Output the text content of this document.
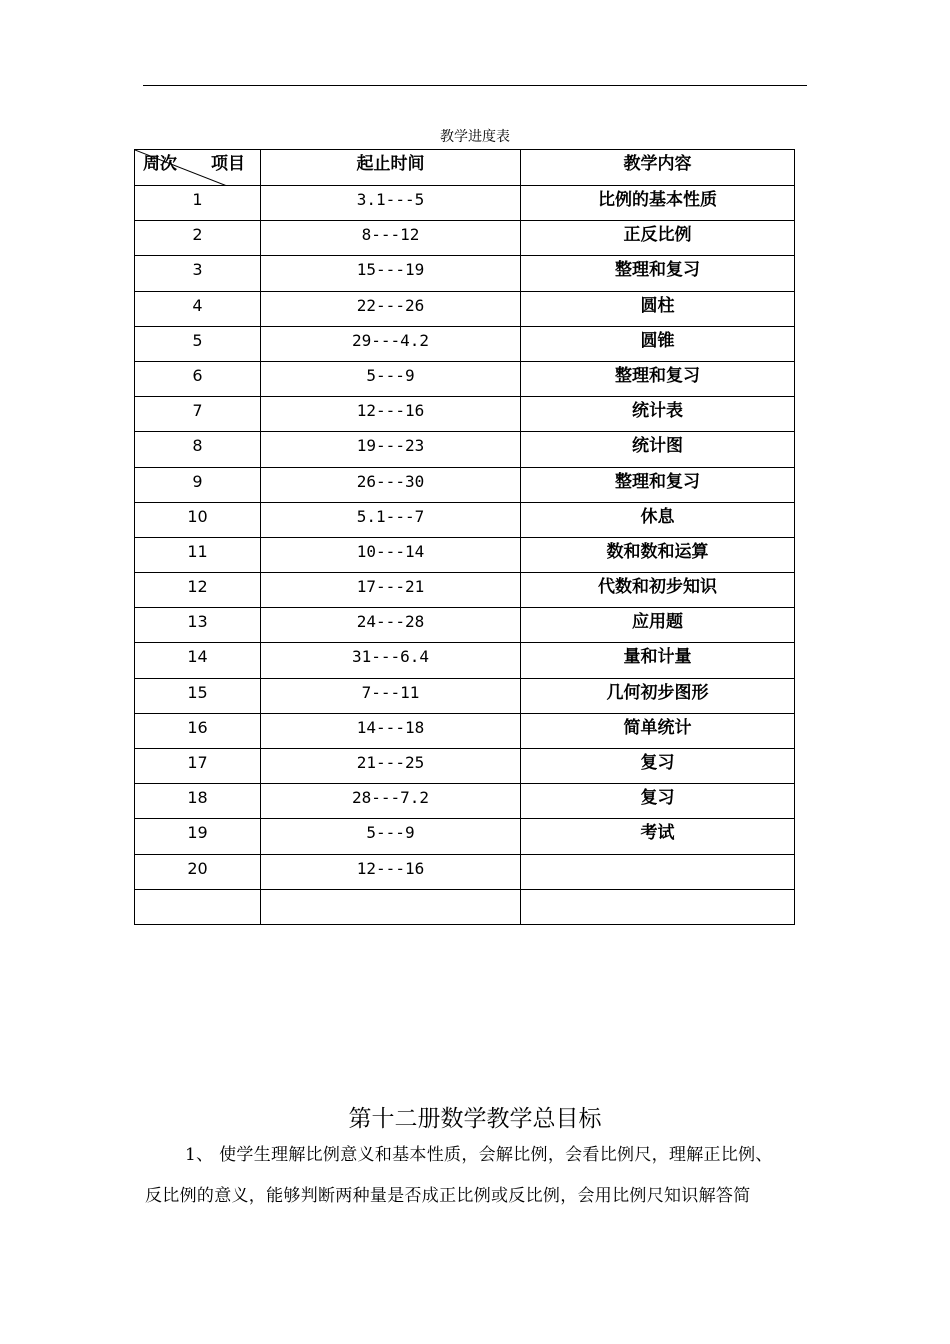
教学进度表
周次 项目	起止时间	教学内容
1	3.1---5	比例的基本性质
2	8---12	正反比例
3	15---19	整理和复习
4	22---26	圆柱
5	29---4.2	圆锥
6	5---9	整理和复习
7	12---16	统计表
8	19---23	统计图
9	26---30	整理和复习
10	5.1---7	休息
11	10---14	数和数和运算
12	17---21	代数和初步知识
13	24---28	应用题
14	31---6.4	量和计量
15	7---11	几何初步图形
16	14---18	简单统计
17	21---25	复习
18	28---7.2	复习
19	5---9	考试
20	12---16	

第十二册数学教学总目标
1、 使学生理解比例意义和基本性质，会解比例，会看比例尺，理解正比例、
反比例的意义，能够判断两种量是否成正比例或反比例，会用比例尺知识解答简
